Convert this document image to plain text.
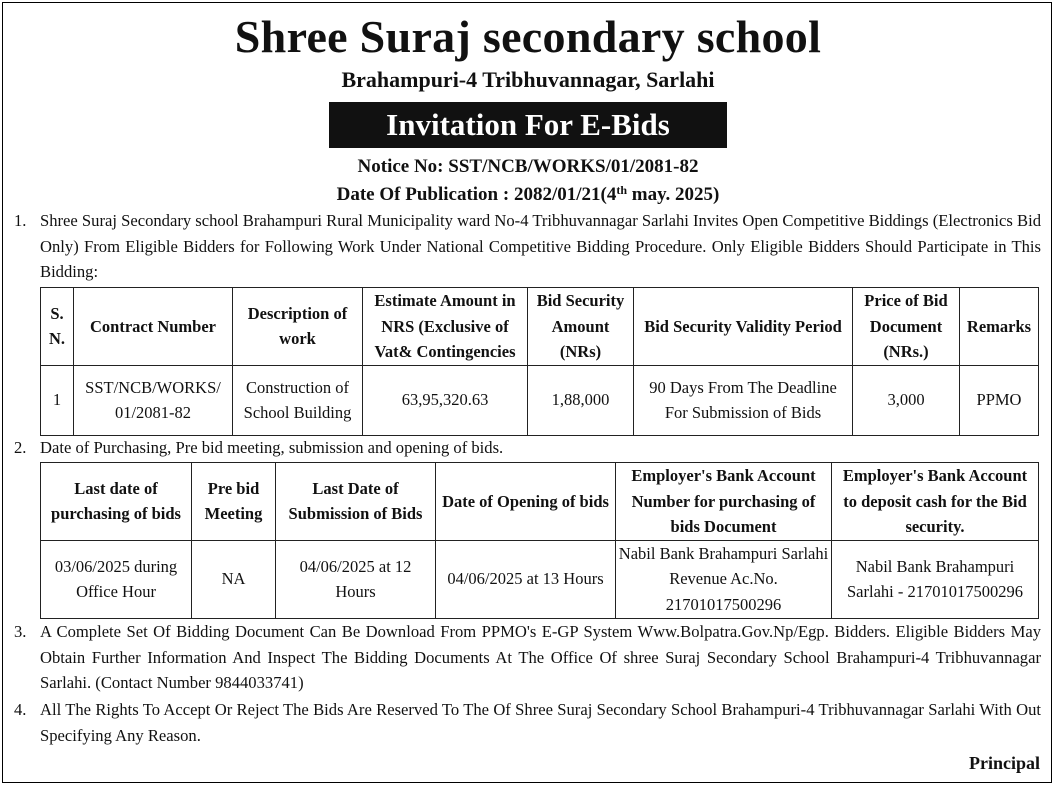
Shree Suraj secondary school
Brahampuri-4 Tribhuvannagar, Sarlahi
Invitation For E-Bids
Notice No: SST/NCB/WORKS/01/2081-82
Date Of Publication : 2082/01/21(4th may. 2025)
1. Shree Suraj Secondary school Brahampuri Rural Municipality ward No-4 Tribhuvannagar Sarlahi Invites Open Competitive Biddings (Electronics Bid Only) From Eligible Bidders for Following Work Under National Competitive Bidding Procedure. Only Eligible Bidders Should Participate in This Bidding:
S. N.	Contract Number	Description of work	Estimate Amount in NRS (Exclusive of Vat& Contingencies	Bid Security Amount (NRs)	Bid Security Validity Period	Price of Bid Document (NRs.)	Remarks
1	SST/NCB/WORKS/ 01/2081-82	Construction of School Building	63,95,320.63	1,88,000	90 Days From The Deadline For Submission of Bids	3,000	PPMO
2. Date of Purchasing, Pre bid meeting, submission and opening of bids.
Last date of purchasing of bids	Pre bid Meeting	Last Date of Submission of Bids	Date of Opening of bids	Employer's Bank Account Number for purchasing of bids Document	Employer's Bank Account to deposit cash for the Bid security.
03/06/2025 during Office Hour	NA	04/06/2025 at 12 Hours	04/06/2025 at 13 Hours	Nabil Bank Brahampuri Sarlahi Revenue Ac.No. 21701017500296	Nabil Bank Brahampuri Sarlahi - 21701017500296
3. A Complete Set Of Bidding Document Can Be Download From PPMO's E-GP System Www.Bolpatra.Gov.Np/Egp. Bidders. Eligible Bidders May Obtain Further Information And Inspect The Bidding Documents At The Office Of shree Suraj Secondary School Brahampuri-4 Tribhuvannagar Sarlahi. (Contact Number 9844033741)
4. All The Rights To Accept Or Reject The Bids Are Reserved To The Of Shree Suraj Secondary School Brahampuri-4 Tribhuvannagar Sarlahi With Out Specifying Any Reason.
Principal
